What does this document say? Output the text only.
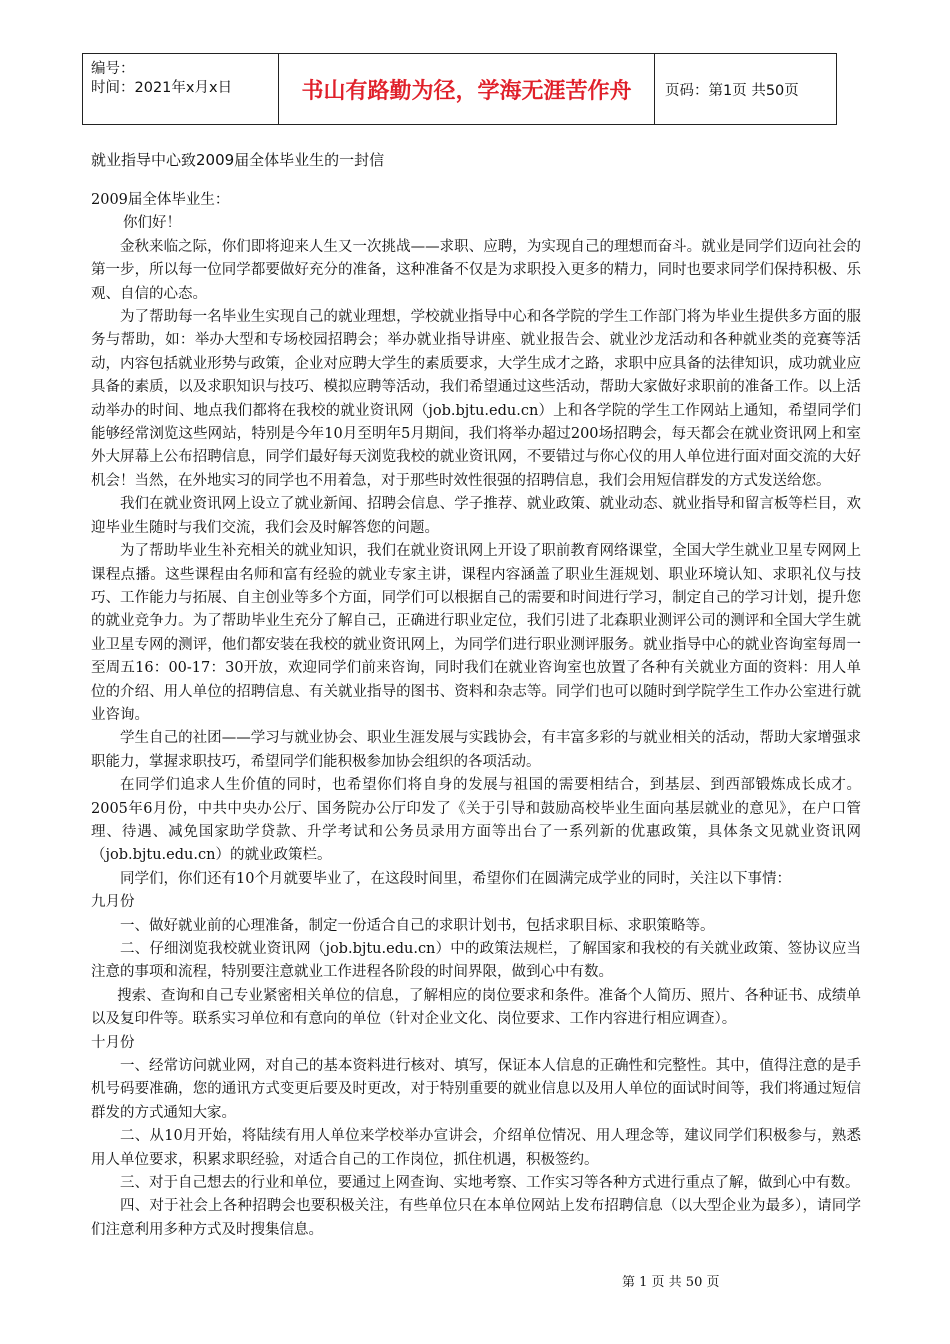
编号：
时间：2021年x月x日	书山有路勤为径，学海无涯苦作舟	页码：第1页 共50页
就业指导中心致2009届全体毕业生的一封信

2009届全体毕业生：

你们好！

金秋来临之际，你们即将迎来人生又一次挑战——求职、应聘，为实现自己的理想而奋斗。就业是同学们迈向社会的第一步，所以每一位同学都要做好充分的准备，这种准备不仅是为求职投入更多的精力，同时也要求同学们保持积极、乐观、自信的心态。

为了帮助每一名毕业生实现自己的就业理想，学校就业指导中心和各学院的学生工作部门将为毕业生提供多方面的服务与帮助，如：举办大型和专场校园招聘会；举办就业指导讲座、就业报告会、就业沙龙活动和各种就业类的竞赛等活动，内容包括就业形势与政策，企业对应聘大学生的素质要求，大学生成才之路，求职中应具备的法律知识，成功就业应具备的素质，以及求职知识与技巧、模拟应聘等活动，我们希望通过这些活动，帮助大家做好求职前的准备工作。以上活动举办的时间、地点我们都将在我校的就业资讯网（job.bjtu.edu.cn）上和各学院的学生工作网站上通知，希望同学们能够经常浏览这些网站，特别是今年10月至明年5月期间，我们将举办超过200场招聘会，每天都会在就业资讯网上和室外大屏幕上公布招聘信息，同学们最好每天浏览我校的就业资讯网，不要错过与你心仪的用人单位进行面对面交流的大好机会！当然，在外地实习的同学也不用着急，对于那些时效性很强的招聘信息，我们会用短信群发的方式发送给您。

我们在就业资讯网上设立了就业新闻、招聘会信息、学子推荐、就业政策、就业动态、就业指导和留言板等栏目，欢迎毕业生随时与我们交流，我们会及时解答您的问题。

为了帮助毕业生补充相关的就业知识，我们在就业资讯网上开设了职前教育网络课堂，全国大学生就业卫星专网网上课程点播。这些课程由名师和富有经验的就业专家主讲，课程内容涵盖了职业生涯规划、职业环境认知、求职礼仪与技巧、工作能力与拓展、自主创业等多个方面，同学们可以根据自己的需要和时间进行学习，制定自己的学习计划，提升您的就业竞争力。为了帮助毕业生充分了解自己，正确进行职业定位，我们引进了北森职业测评公司的测评和全国大学生就业卫星专网的测评，他们都安装在我校的就业资讯网上，为同学们进行职业测评服务。就业指导中心的就业咨询室每周一至周五16：00-17：30开放，欢迎同学们前来咨询，同时我们在就业咨询室也放置了各种有关就业方面的资料：用人单位的介绍、用人单位的招聘信息、有关就业指导的图书、资料和杂志等。同学们也可以随时到学院学生工作办公室进行就业咨询。

学生自己的社团——学习与就业协会、职业生涯发展与实践协会，有丰富多彩的与就业相关的活动，帮助大家增强求职能力，掌握求职技巧，希望同学们能积极参加协会组织的各项活动。

在同学们追求人生价值的同时，也希望你们将自身的发展与祖国的需要相结合，到基层、到西部锻炼成长成才。2005年6月份，中共中央办公厅、国务院办公厅印发了《关于引导和鼓励高校毕业生面向基层就业的意见》，在户口管理、待遇、减免国家助学贷款、升学考试和公务员录用方面等出台了一系列新的优惠政策，具体条文见就业资讯网（job.bjtu.edu.cn）的就业政策栏。

同学们，你们还有10个月就要毕业了，在这段时间里，希望你们在圆满完成学业的同时，关注以下事情：

九月份

一、做好就业前的心理准备，制定一份适合自己的求职计划书，包括求职目标、求职策略等。

二、仔细浏览我校就业资讯网（job.bjtu.edu.cn）中的政策法规栏，了解国家和我校的有关就业政策、签协议应当注意的事项和流程，特别要注意就业工作进程各阶段的时间界限，做到心中有数。

搜索、查询和自己专业紧密相关单位的信息，了解相应的岗位要求和条件。准备个人简历、照片、各种证书、成绩单以及复印件等。联系实习单位和有意向的单位（针对企业文化、岗位要求、工作内容进行相应调查）。

十月份

一、经常访问就业网，对自己的基本资料进行核对、填写，保证本人信息的正确性和完整性。其中，值得注意的是手机号码要准确，您的通讯方式变更后要及时更改，对于特别重要的就业信息以及用人单位的面试时间等，我们将通过短信群发的方式通知大家。

二、从10月开始，将陆续有用人单位来学校举办宣讲会，介绍单位情况、用人理念等，建议同学们积极参与，熟悉用人单位要求，积累求职经验，对适合自己的工作岗位，抓住机遇，积极签约。

三、对于自己想去的行业和单位，要通过上网查询、实地考察、工作实习等各种方式进行重点了解，做到心中有数。

四、对于社会上各种招聘会也要积极关注，有些单位只在本单位网站上发布招聘信息（以大型企业为最多），请同学们注意利用多种方式及时搜集信息。

第 1 页 共 50 页
